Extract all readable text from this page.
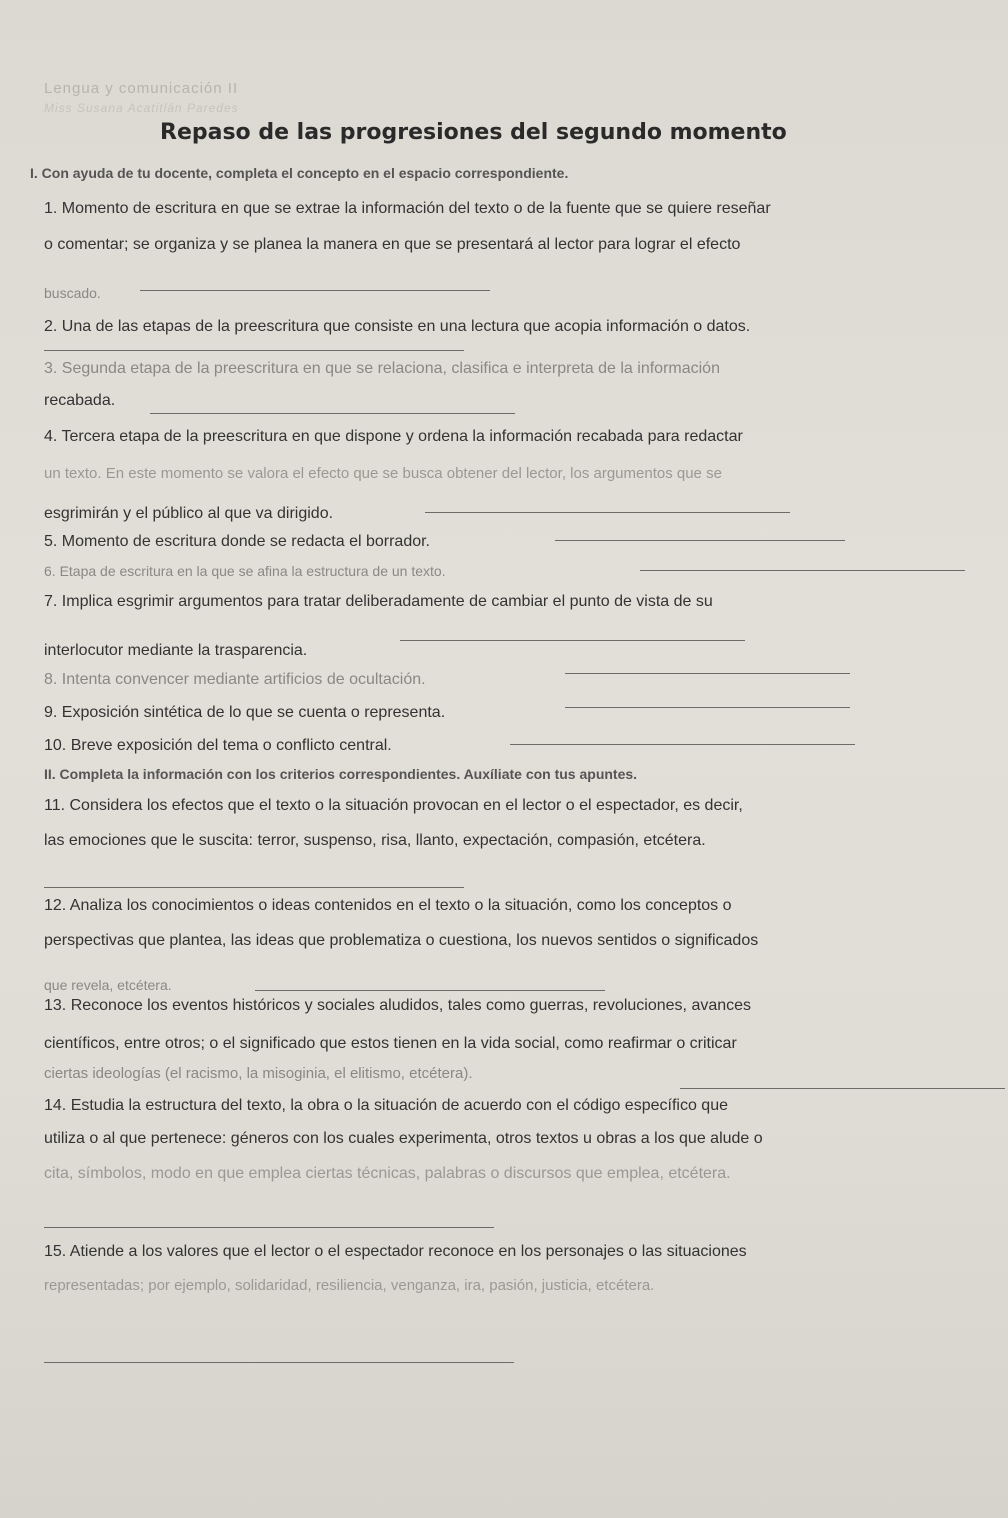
Lengua y comunicación II
Miss Susana Acatitlán Paredes
Repaso de las progresiones del segundo momento
I. Con ayuda de tu docente, completa el concepto en el espacio correspondiente.
1. Momento de escritura en que se extrae la información del texto o de la fuente que se quiere reseñar
o comentar; se organiza y se planea la manera en que se presentará al lector para lograr el efecto
buscado.
2. Una de las etapas de la preescritura que consiste en una lectura que acopia información o datos.
3. Segunda etapa de la preescritura en que se relaciona, clasifica e interpreta de la información
recabada.
4. Tercera etapa de la preescritura en que dispone y ordena la información recabada para redactar
un texto. En este momento se valora el efecto que se busca obtener del lector, los argumentos que se
esgrimirán y el público al que va dirigido.
5. Momento de escritura donde se redacta el borrador.
6. Etapa de escritura en la que se afina la estructura de un texto.
7. Implica esgrimir argumentos para tratar deliberadamente de cambiar el punto de vista de su
interlocutor mediante la trasparencia.
8. Intenta convencer mediante artificios de ocultación.
9. Exposición sintética de lo que se cuenta o representa.
10. Breve exposición del tema o conflicto central.
II. Completa la información con los criterios correspondientes. Auxíliate con tus apuntes.
11. Considera los efectos que el texto o la situación provocan en el lector o el espectador, es decir,
las emociones que le suscita: terror, suspenso, risa, llanto, expectación, compasión, etcétera.
12. Analiza los conocimientos o ideas contenidos en el texto o la situación, como los conceptos o
perspectivas que plantea, las ideas que problematiza o cuestiona, los nuevos sentidos o significados
que revela, etcétera.
13. Reconoce los eventos históricos y sociales aludidos, tales como guerras, revoluciones, avances
científicos, entre otros; o el significado que estos tienen en la vida social, como reafirmar o criticar
ciertas ideologías (el racismo, la misoginia, el elitismo, etcétera).
14. Estudia la estructura del texto, la obra o la situación de acuerdo con el código específico que
utiliza o al que pertenece: géneros con los cuales experimenta, otros textos u obras a los que alude o
cita, símbolos, modo en que emplea ciertas técnicas, palabras o discursos que emplea, etcétera.
15. Atiende a los valores que el lector o el espectador reconoce en los personajes o las situaciones
representadas; por ejemplo, solidaridad, resiliencia, venganza, ira, pasión, justicia, etcétera.
